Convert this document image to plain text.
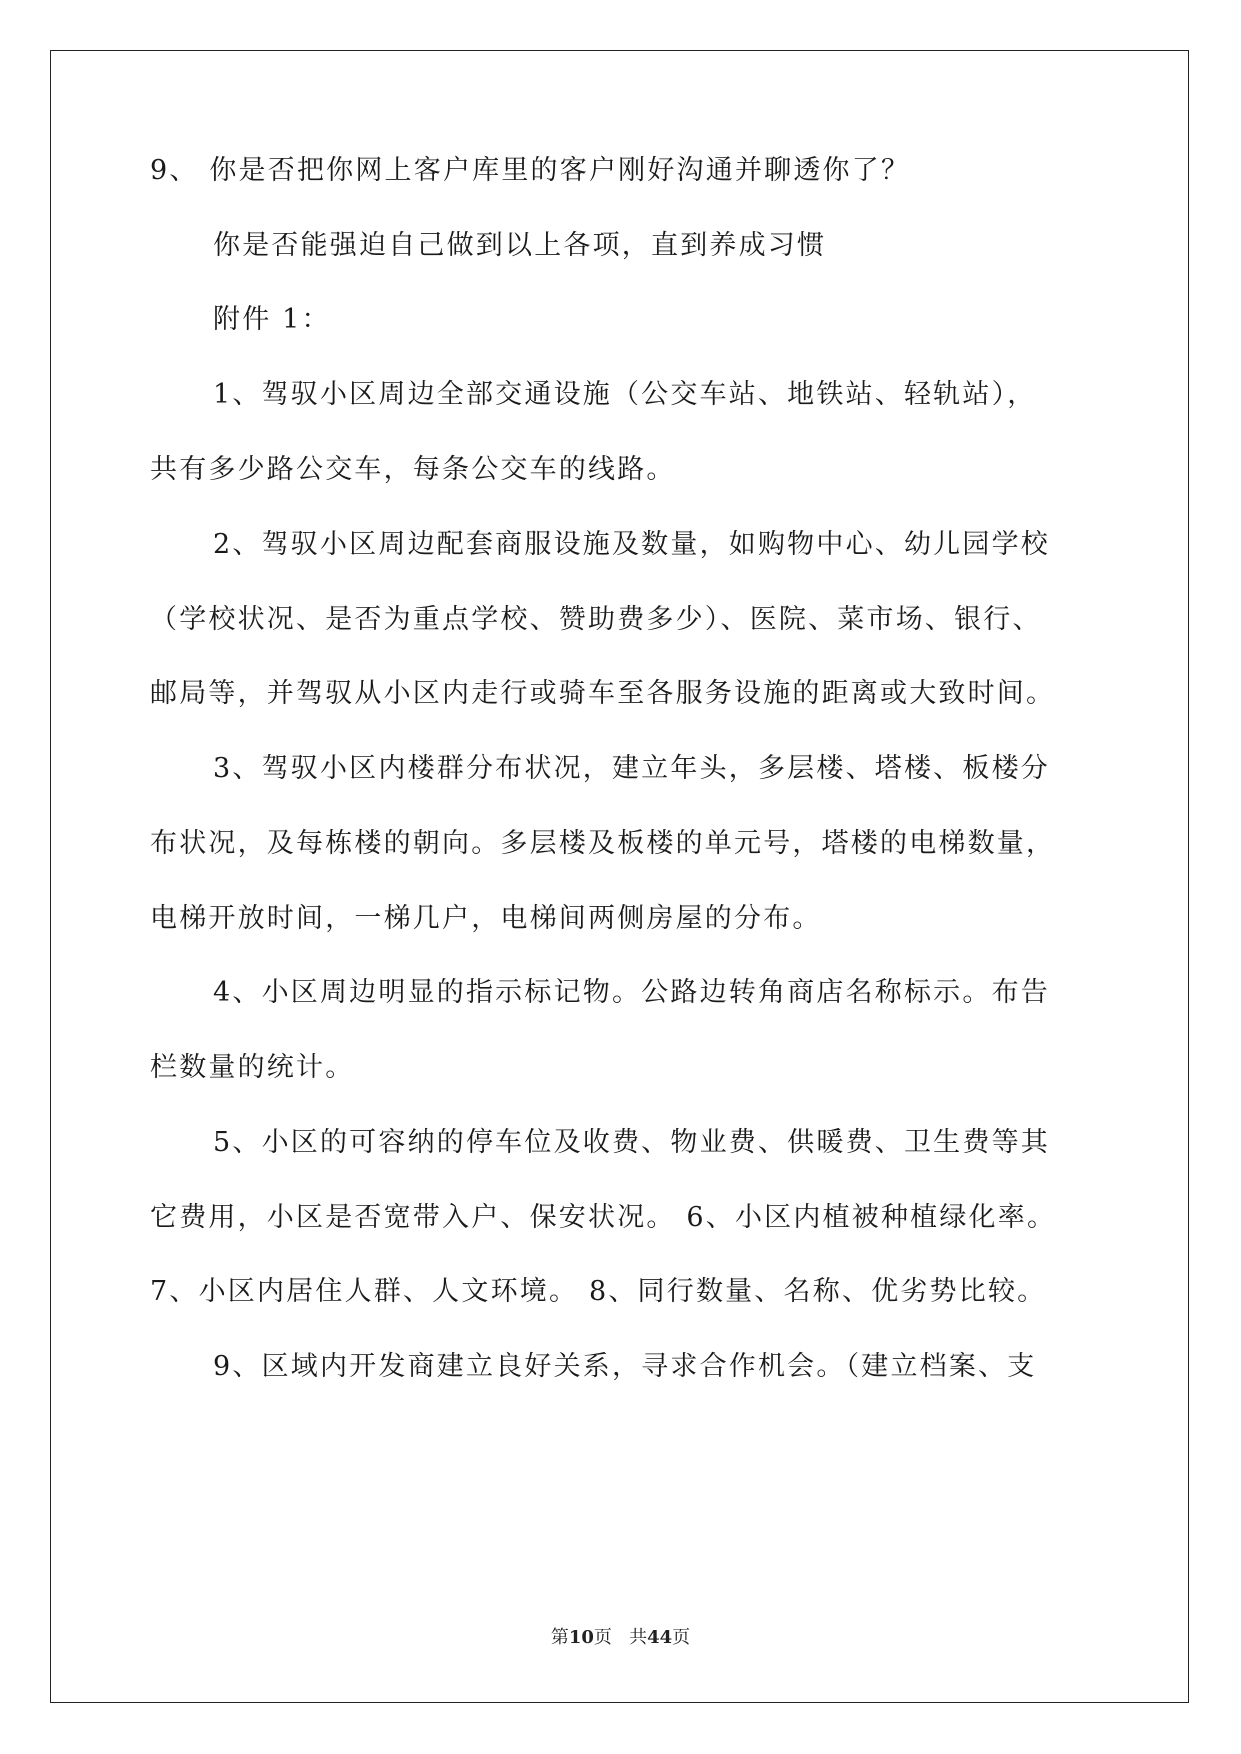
9、 你是否把你网上客户库里的客户刚好沟通并聊透你了？
你是否能强迫自己做到以上各项，直到养成习惯
附件 1：
1、驾驭小区周边全部交通设施（公交车站、地铁站、轻轨站），
共有多少路公交车，每条公交车的线路。
2、驾驭小区周边配套商服设施及数量，如购物中心、幼儿园学校
（学校状况、是否为重点学校、赞助费多少）、医院、菜市场、银行、
邮局等，并驾驭从小区内走行或骑车至各服务设施的距离或大致时间。
3、驾驭小区内楼群分布状况，建立年头，多层楼、塔楼、板楼分
布状况，及每栋楼的朝向。多层楼及板楼的单元号，塔楼的电梯数量，
电梯开放时间，一梯几户，电梯间两侧房屋的分布。
4、小区周边明显的指示标记物。公路边转角商店名称标示。布告
栏数量的统计。
5、小区的可容纳的停车位及收费、物业费、供暖费、卫生费等其
它费用，小区是否宽带入户、保安状况。 6、小区内植被种植绿化率。
7、小区内居住人群、人文环境。 8、同行数量、名称、优劣势比较。
9、区域内开发商建立良好关系，寻求合作机会。（建立档案、支
第10页 共44页
